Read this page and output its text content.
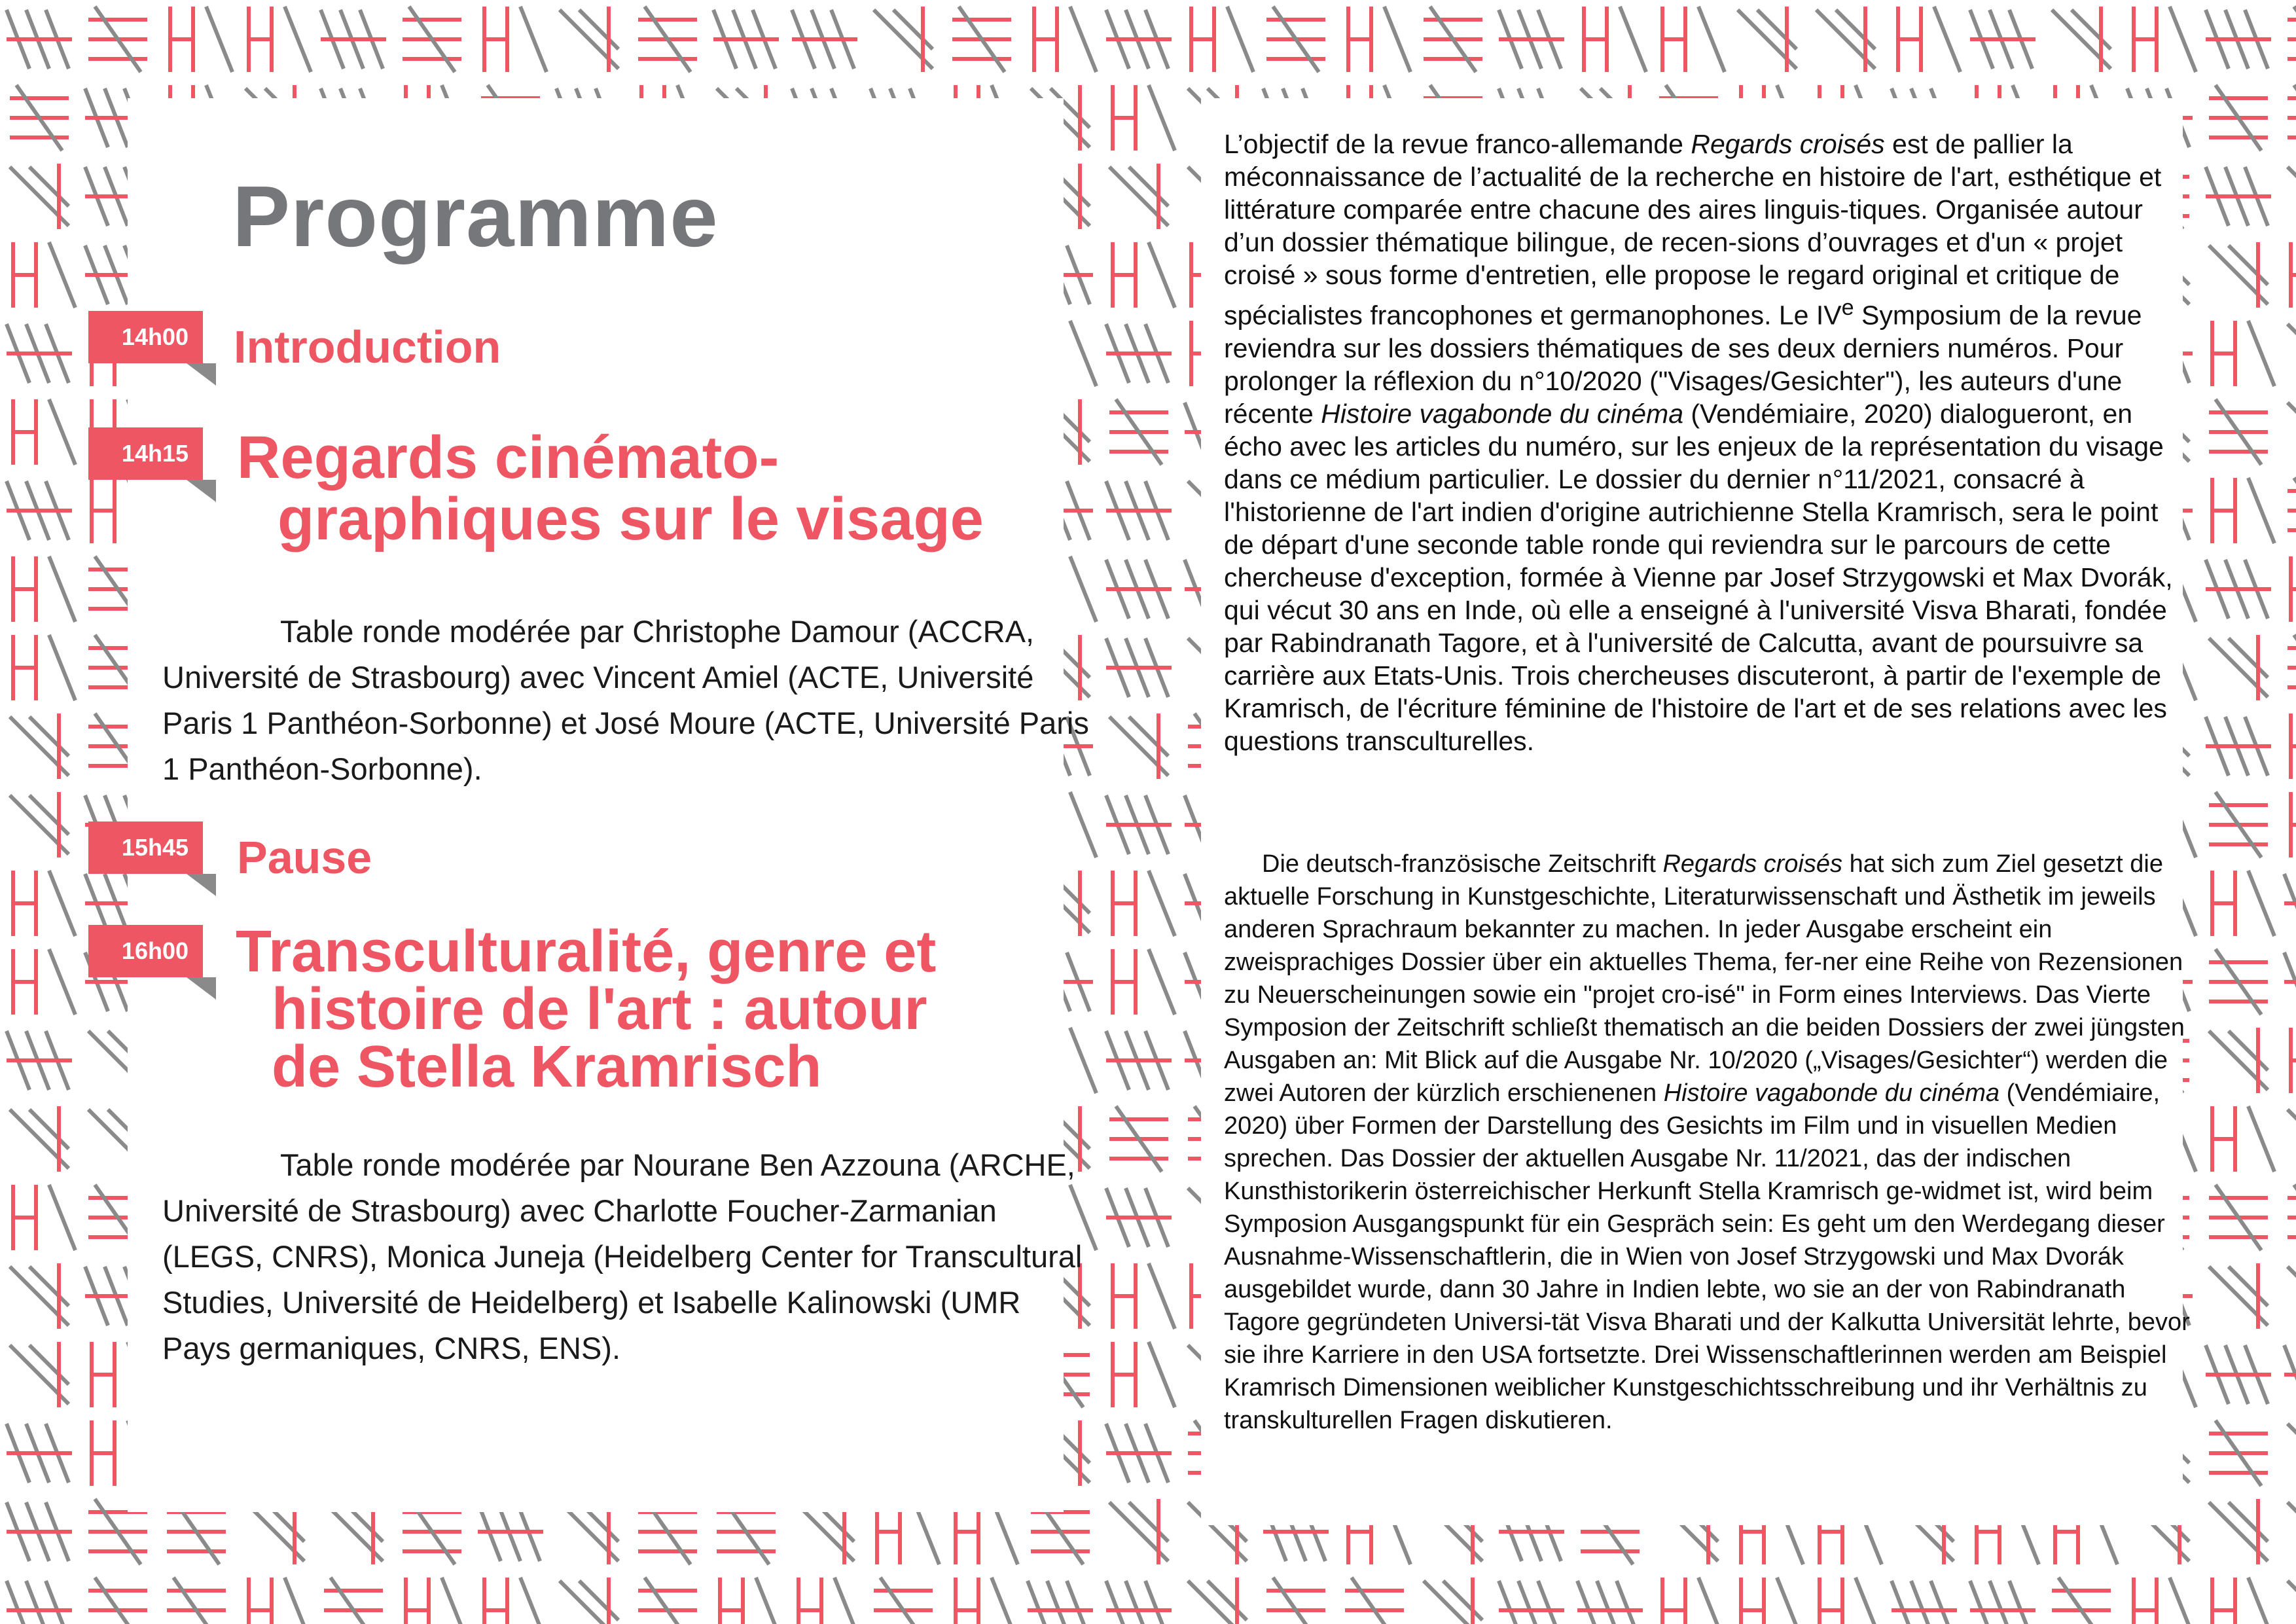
Programme
14h00 Introduction
14h15 Regards cinémato-
graphiques sur le visage

Table ronde modérée par Christophe Damour (ACCRA, Université de Strasbourg) avec Vincent Amiel (ACTE, Université Paris 1 Panthéon-Sorbonne) et José Moure (ACTE, Université Paris 1 Panthéon-Sorbonne).

15h45	Pause
16h00 Transculturalité, genre et
histoire de l'art : autour
de Stella Kramrisch

Table ronde modérée par Nourane Ben Azzouna (ARCHE, Université de Strasbourg) avec Charlotte Foucher-Zarmanian (LEGS, CNRS), Monica Juneja (Heidelberg Center for Transcultural Studies, Université de Heidelberg) et Isabelle Kalinowski (UMR Pays germaniques, CNRS, ENS).

L’objectif de la revue franco-allemande Regards croisés est de pallier la méconnaissance de l’actualité de la recherche en histoire de l'art, esthétique et littérature comparée entre chacune des aires linguis-tiques. Organisée autour d’un dossier thématique bilingue, de recen-sions d’ouvrages et d'un « projet croisé » sous forme d'entretien, elle propose le regard original et critique de spécialistes francophones et germanophones. Le IVe Symposium de la revue reviendra sur les dossiers thématiques de ses deux derniers numéros. Pour prolonger la réflexion du n°10/2020 ("Visages/Gesichter"), les auteurs d'une récente Histoire vagabonde du cinéma (Vendémiaire, 2020) dialogueront, en écho avec les articles du numéro, sur les enjeux de la représentation du visage dans ce médium particulier. Le dossier du dernier n°11/2021, consacré à l'historienne de l'art indien d'origine autrichienne Stella Kramrisch, sera le point de départ d'une seconde table ronde qui reviendra sur le parcours de cette chercheuse d'exception, formée à Vienne par Josef Strzygowski et Max Dvorák, qui vécut 30 ans en Inde, où elle a enseigné à l'université Visva Bharati, fondée par Rabindranath Tagore, et à l'université de Calcutta, avant de poursuivre sa carrière aux Etats-Unis. Trois chercheuses discuteront, à partir de l'exemple de Kramrisch, de l'écriture féminine de l'histoire de l'art et de ses relations avec les questions transculturelles.

Die deutsch-französische Zeitschrift Regards croisés hat sich zum Ziel gesetzt die aktuelle Forschung in Kunstgeschichte, Literaturwissenschaft und Ästhetik im jeweils anderen Sprachraum bekannter zu machen. In jeder Ausgabe erscheint ein zweisprachiges Dossier über ein aktuelles Thema, fer-ner eine Reihe von Rezensionen zu Neuerscheinungen sowie ein "projet cro-isé" in Form eines Interviews. Das Vierte Symposion der Zeitschrift schließt thematisch an die beiden Dossiers der zwei jüngsten Ausgaben an: Mit Blick auf die Ausgabe Nr. 10/2020 („Visages/Gesichter“) werden die zwei Autoren der kürzlich erschienenen Histoire vagabonde du cinéma (Vendémiaire, 2020) über Formen der Darstellung des Gesichts im Film und in visuellen Medien sprechen. Das Dossier der aktuellen Ausgabe Nr. 11/2021, das der indischen Kunsthistorikerin österreichischer Herkunft Stella Kramrisch ge-widmet ist, wird beim Symposion Ausgangspunkt für ein Gespräch sein: Es geht um den Werdegang dieser Ausnahme-Wissenschaftlerin, die in Wien von Josef Strzygowski und Max Dvorák ausgebildet wurde, dann 30 Jahre in Indien lebte, wo sie an der von Rabindranath Tagore gegründeten Universi-tät Visva Bharati und der Kalkutta Universität lehrte, bevor sie ihre Karriere in den USA fortsetzte. Drei Wissenschaftlerinnen werden am Beispiel Kramrisch Dimensionen weiblicher Kunstgeschichtsschreibung und ihr Verhältnis zu transkulturellen Fragen diskutieren.
